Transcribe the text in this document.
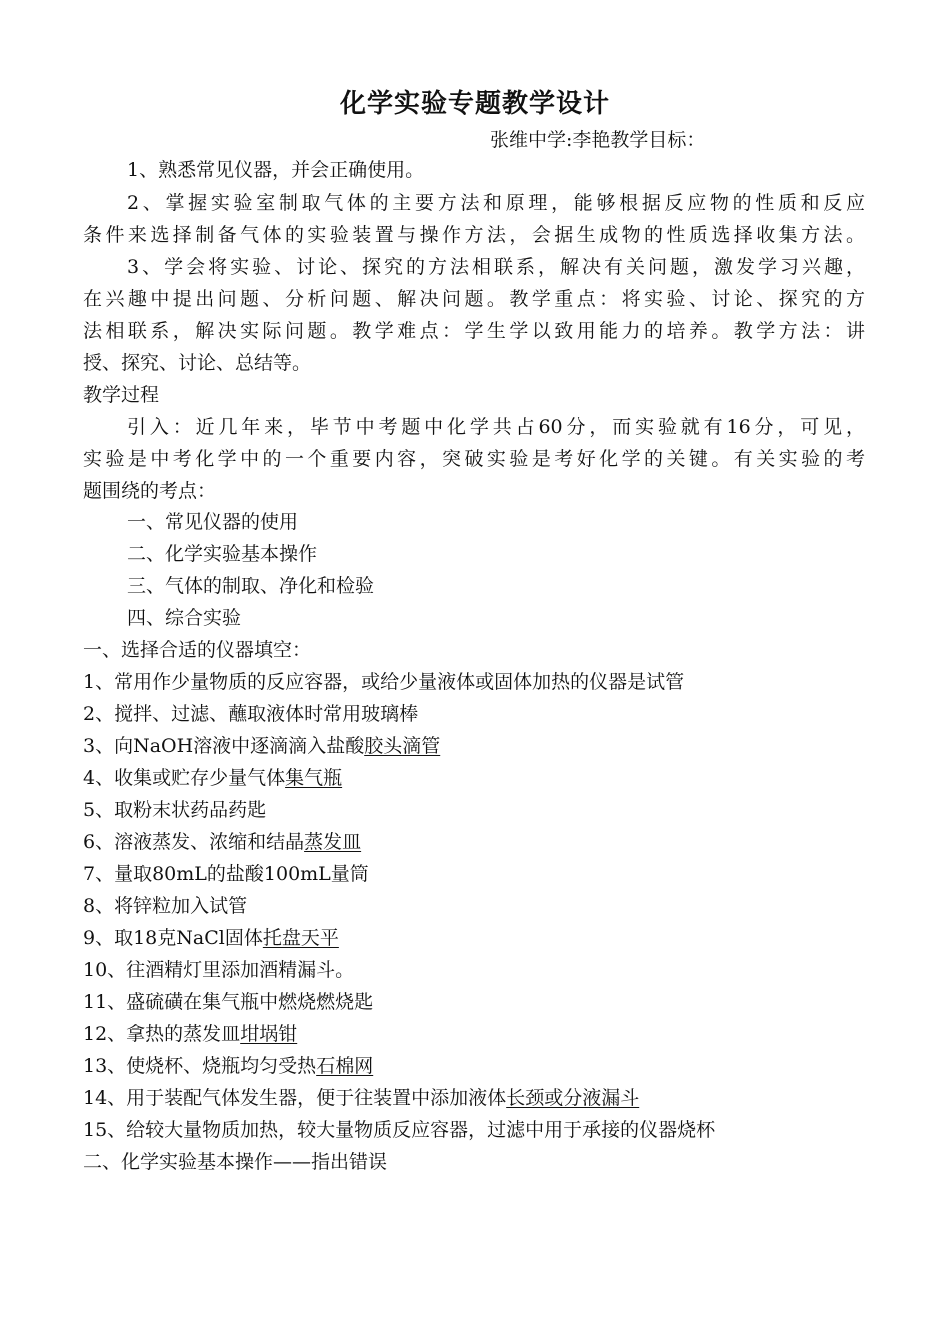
化学实验专题教学设计
张维中学:李艳教学目标：
1、熟悉常见仪器，并会正确使用。
2、掌握实验室制取气体的主要方法和原理，能够根据反应物的性质和反应
条件来选择制备气体的实验装置与操作方法，会据生成物的性质选择收集方法。
3、学会将实验、讨论、探究的方法相联系，解决有关问题，激发学习兴趣，
在兴趣中提出问题、分析问题、解决问题。教学重点：将实验、讨论、探究的方
法相联系，解决实际问题。教学难点：学生学以致用能力的培养。教学方法：讲
授、探究、讨论、总结等。
教学过程
引入：近几年来，毕节中考题中化学共占60分，而实验就有16分，可见，
实验是中考化学中的一个重要内容，突破实验是考好化学的关键。有关实验的考
题围绕的考点：
一、常见仪器的使用
二、化学实验基本操作
三、气体的制取、净化和检验
四、综合实验
一、选择合适的仪器填空：
1、常用作少量物质的反应容器，或给少量液体或固体加热的仪器是试管
2、搅拌、过滤、蘸取液体时常用玻璃棒
3、向NaOH溶液中逐滴滴入盐酸胶头滴管
4、收集或贮存少量气体集气瓶
5、取粉末状药品药匙
6、溶液蒸发、浓缩和结晶蒸发皿
7、量取80mL的盐酸100mL量筒
8、将锌粒加入试管
9、取18克NaCl固体托盘天平
10、往酒精灯里添加酒精漏斗。
11、盛硫磺在集气瓶中燃烧燃烧匙
12、拿热的蒸发皿坩埚钳
13、使烧杯、烧瓶均匀受热石棉网
14、用于装配气体发生器，便于往装置中添加液体长颈或分液漏斗
15、给较大量物质加热，较大量物质反应容器，过滤中用于承接的仪器烧杯
二、化学实验基本操作——指出错误
